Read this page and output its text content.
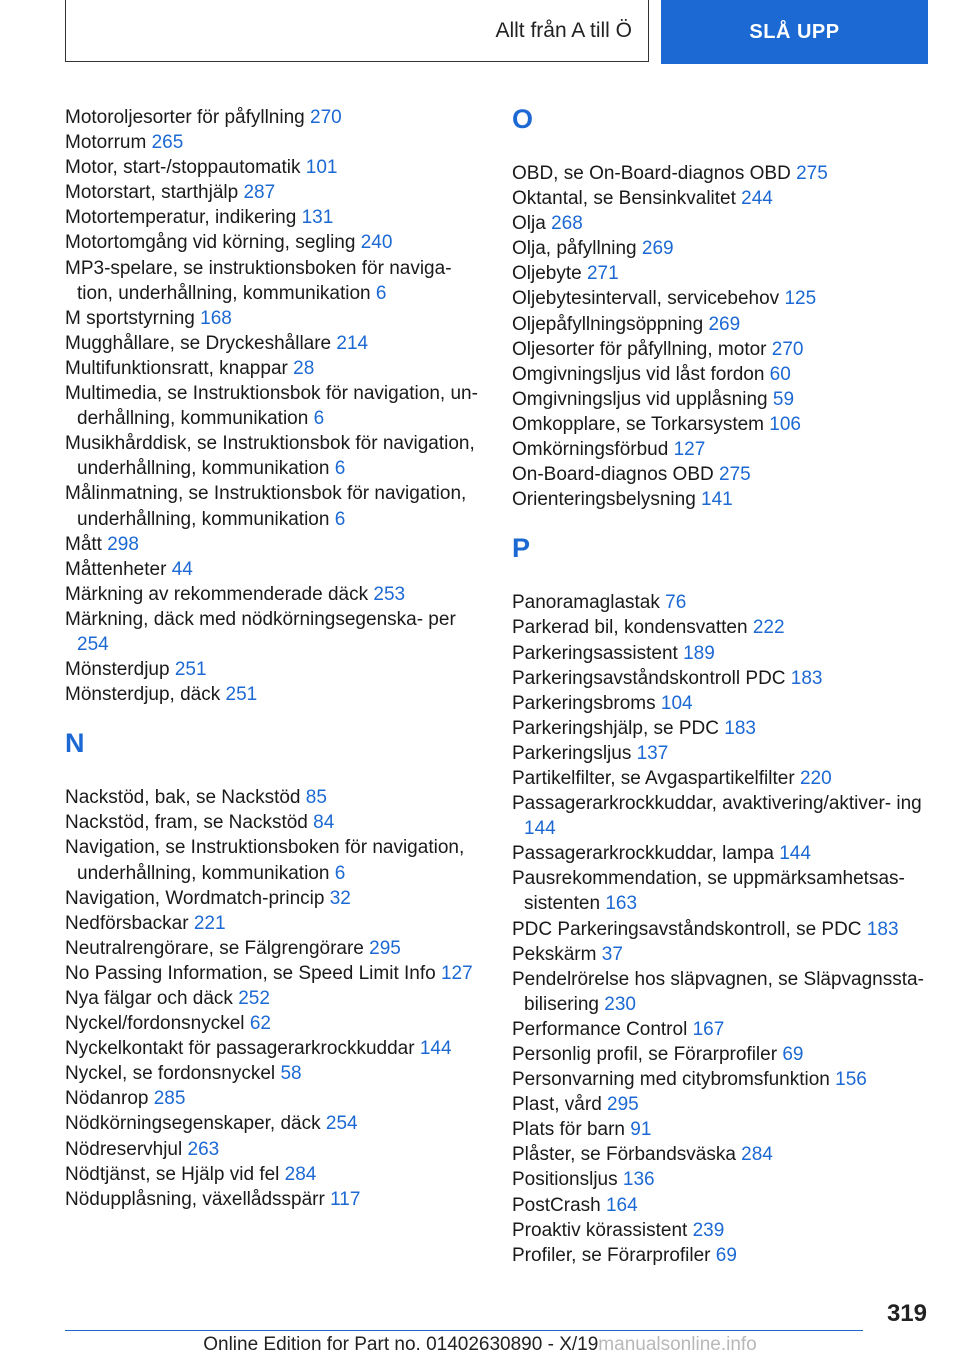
Allt från A till Ö	SLÅ UPP
Motoroljesorter för påfyllning 270
Motorrum 265
Motor, start-/stoppautomatik 101
Motorstart, starthjälp 287
Motortemperatur, indikering 131
Motortomgång vid körning, segling 240
MP3-spelare, se instruktionsboken för naviga‐ tion, underhållning, kommunikation 6
M sportstyrning 168
Mugghållare, se Dryckeshållare 214
Multifunktionsratt, knappar 28
Multimedia, se Instruktionsbok för navigation, un‐ derhållning, kommunikation 6
Musikhårddisk, se Instruktionsbok för navigation, underhållning, kommunikation 6
Målinmatning, se Instruktionsbok för navigation, underhållning, kommunikation 6
Mått 298
Måttenheter 44
Märkning av rekommenderade däck 253
Märkning, däck med nödkörningsegenska‐ per 254
Mönsterdjup 251
Mönsterdjup, däck 251
N
Nackstöd, bak, se Nackstöd 85
Nackstöd, fram, se Nackstöd 84
Navigation, se Instruktionsboken för navigation, underhållning, kommunikation 6
Navigation, Wordmatch-princip 32
Nedförsbackar 221
Neutralrengörare, se Fälgrengörare 295
No Passing Information, se Speed Limit Info 127
Nya fälgar och däck 252
Nyckel/fordonsnyckel 62
Nyckelkontakt för passagerarkrockkuddar 144
Nyckel, se fordonsnyckel 58
Nödanrop 285
Nödkörningsegenskaper, däck 254
Nödreservhjul 263
Nödtjänst, se Hjälp vid fel 284
Nödupplåsning, växellådsspärr 117
O
OBD, se On-Board-diagnos OBD 275
Oktantal, se Bensinkvalitet 244
Olja 268
Olja, påfyllning 269
Oljebyte 271
Oljebytesintervall, servicebehov 125
Oljepåfyllningsöppning 269
Oljesorter för påfyllning, motor 270
Omgivningsljus vid låst fordon 60
Omgivningsljus vid upplåsning 59
Omkopplare, se Torkarsystem 106
Omkörningsförbud 127
On-Board-diagnos OBD 275
Orienteringsbelysning 141
P
Panoramaglastak 76
Parkerad bil, kondensvatten 222
Parkeringsassistent 189
Parkeringsavståndskontroll PDC 183
Parkeringsbroms 104
Parkeringshjälp, se PDC 183
Parkeringsljus 137
Partikelfilter, se Avgaspartikelfilter 220
Passagerarkrockkuddar, avaktivering/aktiver‐ ing 144
Passagerarkrockkuddar, lampa 144
Pausrekommendation, se uppmärksamhetsas‐ sistenten 163
PDC Parkeringsavståndskontroll, se PDC 183
Pekskärm 37
Pendelrörelse hos släpvagnen, se Släpvagnssta‐ bilisering 230
Performance Control 167
Personlig profil, se Förarprofiler 69
Personvarning med citybromsfunktion 156
Plast, vård 295
Plats för barn 91
Plåster, se Förbandsväska 284
Positionsljus 136
PostCrash 164
Proaktiv körassistent 239
Profiler, se Förarprofiler 69
319
Online Edition for Part no. 01402630890 - X/19manualsonline.info
